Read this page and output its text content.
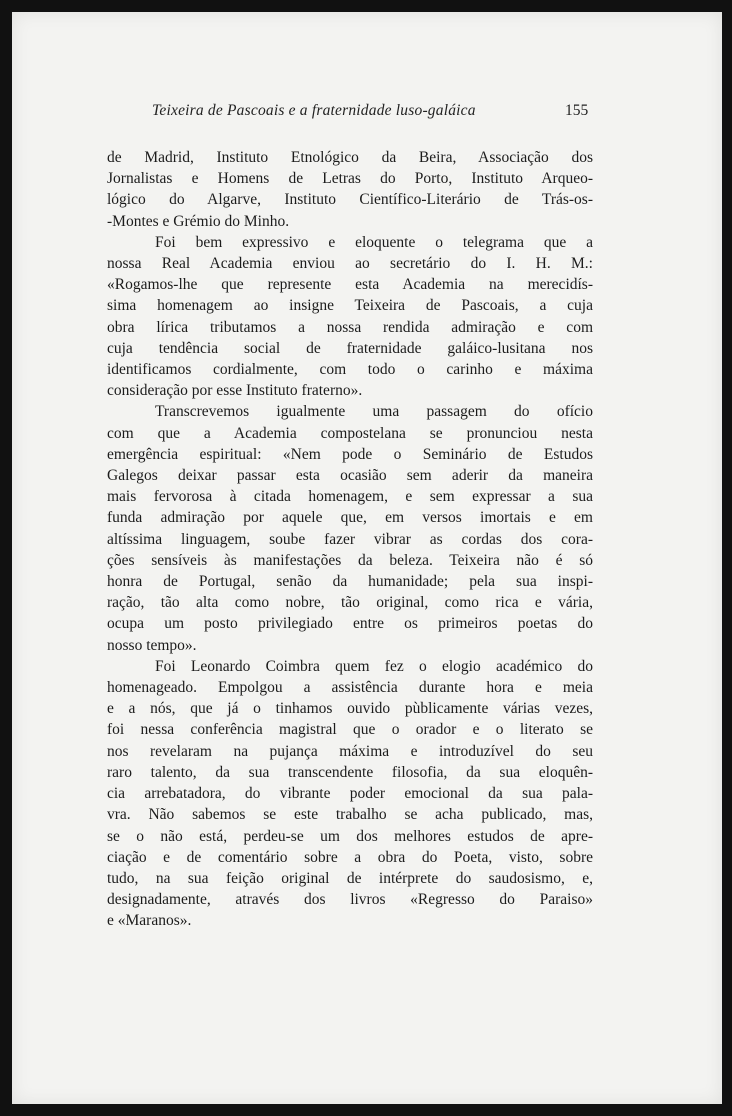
Teixeira de Pascoais e a fraternidade luso-galáica	155
de Madrid, Instituto Etnológico da Beira, Associação dos
Jornalistas e Homens de Letras do Porto, Instituto Arqueo-
lógico do Algarve, Instituto Científico-Literário de Trás-os-
-Montes e Grémio do Minho.
Foi bem expressivo e eloquente o telegrama que a
nossa Real Academia enviou ao secretário do I. H. M.:
«Rogamos-lhe que represente esta Academia na merecidís-
sima homenagem ao insigne Teixeira de Pascoais, a cuja
obra lírica tributamos a nossa rendida admiração e com
cuja tendência social de fraternidade galáico-lusitana nos
identificamos cordialmente, com todo o carinho e máxima
consideração por esse Instituto fraterno».
Transcrevemos igualmente uma passagem do ofício
com que a Academia compostelana se pronunciou nesta
emergência espiritual: «Nem pode o Seminário de Estudos
Galegos deixar passar esta ocasião sem aderir da maneira
mais fervorosa à citada homenagem, e sem expressar a sua
funda admiração por aquele que, em versos imortais e em
altíssima linguagem, soube fazer vibrar as cordas dos cora-
ções sensíveis às manifestações da beleza. Teixeira não é só
honra de Portugal, senão da humanidade; pela sua inspi-
ração, tão alta como nobre, tão original, como rica e vária,
ocupa um posto privilegiado entre os primeiros poetas do
nosso tempo».
Foi Leonardo Coimbra quem fez o elogio académico do
homenageado. Empolgou a assistência durante hora e meia
e a nós, que já o tinhamos ouvido pùblicamente várias vezes,
foi nessa conferência magistral que o orador e o literato se
nos revelaram na pujança máxima e introduzível do seu
raro talento, da sua transcendente filosofia, da sua eloquên-
cia arrebatadora, do vibrante poder emocional da sua pala-
vra. Não sabemos se este trabalho se acha publicado, mas,
se o não está, perdeu-se um dos melhores estudos de apre-
ciação e de comentário sobre a obra do Poeta, visto, sobre
tudo, na sua feição original de intérprete do saudosismo, e,
designadamente, através dos livros «Regresso do Paraiso»
e «Maranos».
